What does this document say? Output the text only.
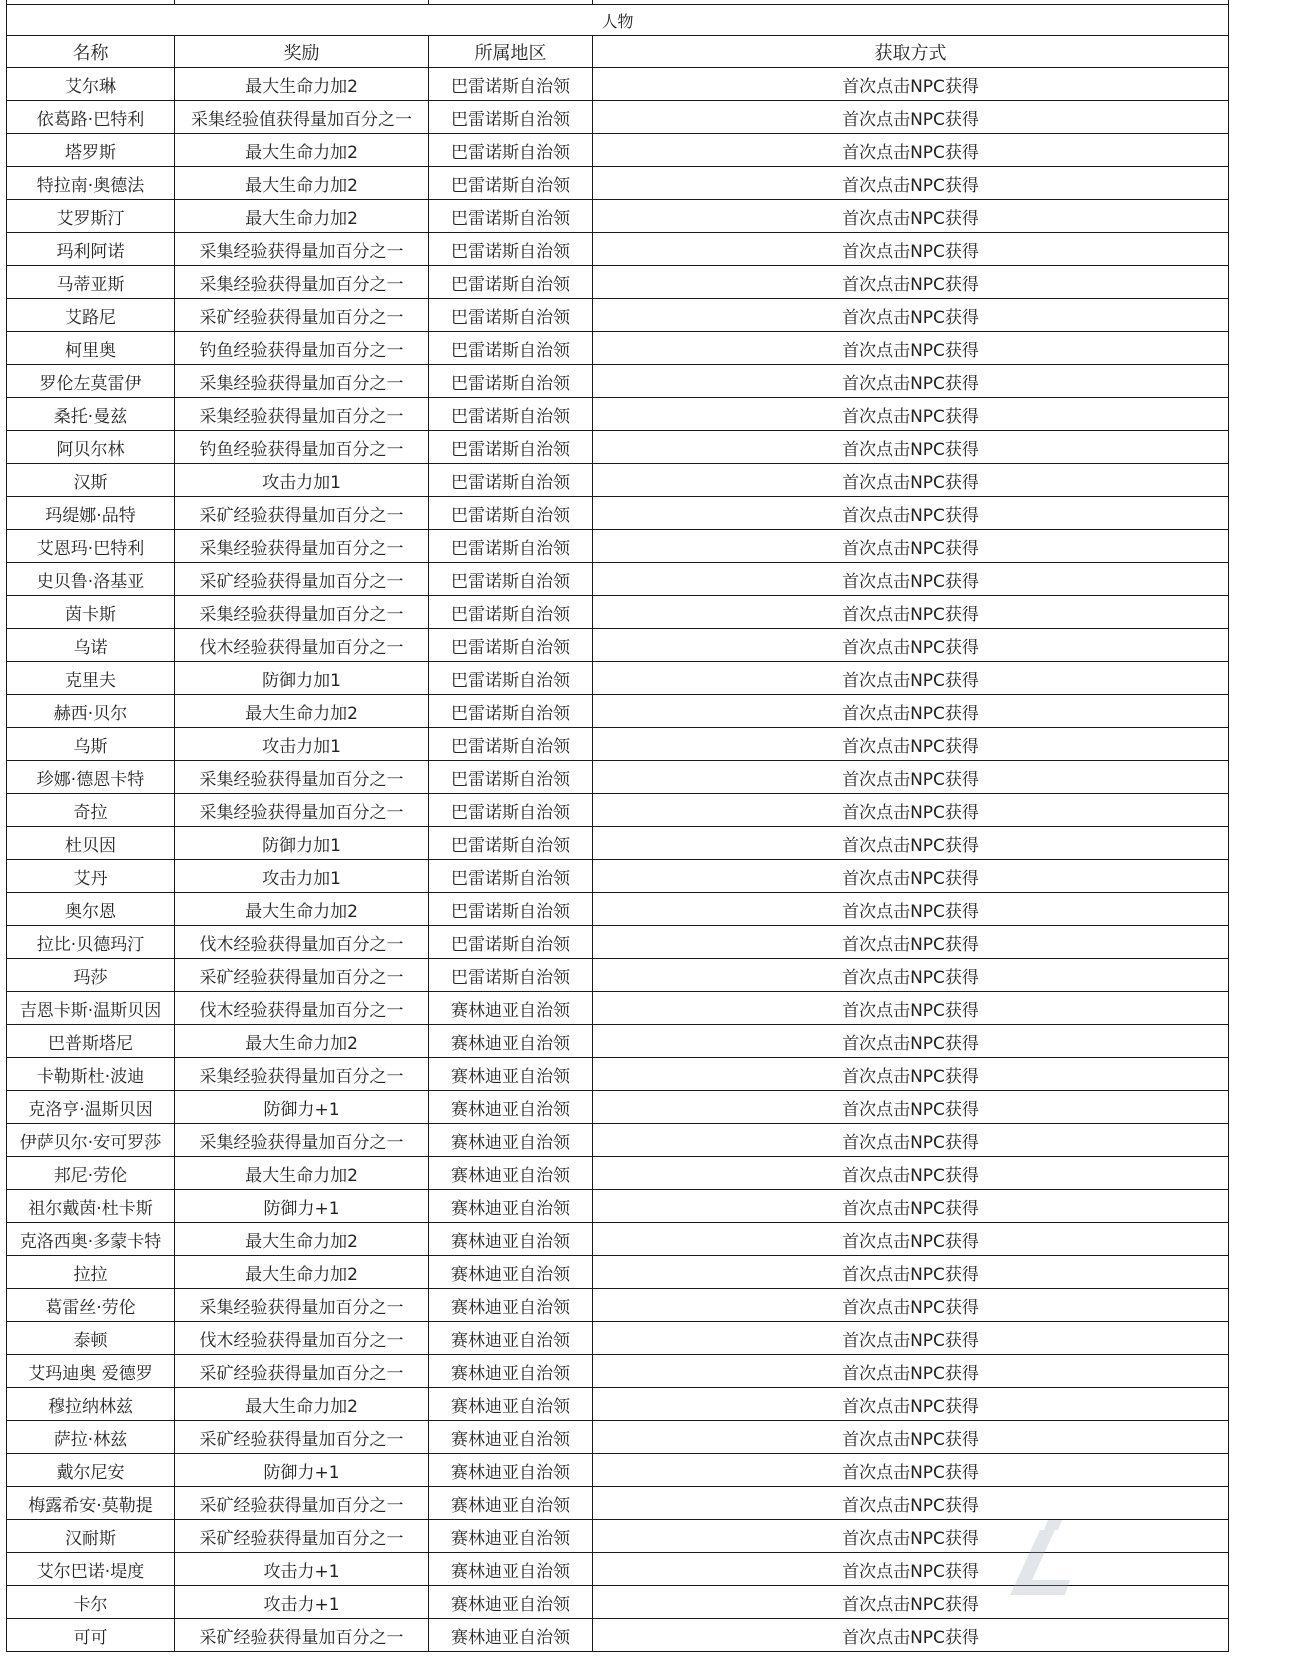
人物			
名称	奖励	所属地区	获取方式
艾尔琳	最大生命力加2	巴雷诺斯自治领	首次点击NPC获得
依葛路·巴特利	采集经验值获得量加百分之一	巴雷诺斯自治领	首次点击NPC获得
塔罗斯	最大生命力加2	巴雷诺斯自治领	首次点击NPC获得
特拉南·奥德法	最大生命力加2	巴雷诺斯自治领	首次点击NPC获得
艾罗斯汀	最大生命力加2	巴雷诺斯自治领	首次点击NPC获得
玛利阿诺	采集经验获得量加百分之一	巴雷诺斯自治领	首次点击NPC获得
马蒂亚斯	采集经验获得量加百分之一	巴雷诺斯自治领	首次点击NPC获得
艾路尼	采矿经验获得量加百分之一	巴雷诺斯自治领	首次点击NPC获得
柯里奥	钓鱼经验获得量加百分之一	巴雷诺斯自治领	首次点击NPC获得
罗伦左莫雷伊	采集经验获得量加百分之一	巴雷诺斯自治领	首次点击NPC获得
桑托·曼兹	采集经验获得量加百分之一	巴雷诺斯自治领	首次点击NPC获得
阿贝尔林	钓鱼经验获得量加百分之一	巴雷诺斯自治领	首次点击NPC获得
汉斯	攻击力加1	巴雷诺斯自治领	首次点击NPC获得
玛缇娜·品特	采矿经验获得量加百分之一	巴雷诺斯自治领	首次点击NPC获得
艾恩玛·巴特利	采集经验获得量加百分之一	巴雷诺斯自治领	首次点击NPC获得
史贝鲁·洛基亚	采矿经验获得量加百分之一	巴雷诺斯自治领	首次点击NPC获得
茵卡斯	采集经验获得量加百分之一	巴雷诺斯自治领	首次点击NPC获得
乌诺	伐木经验获得量加百分之一	巴雷诺斯自治领	首次点击NPC获得
克里夫	防御力加1	巴雷诺斯自治领	首次点击NPC获得
赫西·贝尔	最大生命力加2	巴雷诺斯自治领	首次点击NPC获得
乌斯	攻击力加1	巴雷诺斯自治领	首次点击NPC获得
珍娜·德恩卡特	采集经验获得量加百分之一	巴雷诺斯自治领	首次点击NPC获得
奇拉	采集经验获得量加百分之一	巴雷诺斯自治领	首次点击NPC获得
杜贝因	防御力加1	巴雷诺斯自治领	首次点击NPC获得
艾丹	攻击力加1	巴雷诺斯自治领	首次点击NPC获得
奥尔恩	最大生命力加2	巴雷诺斯自治领	首次点击NPC获得
拉比·贝德玛汀	伐木经验获得量加百分之一	巴雷诺斯自治领	首次点击NPC获得
玛莎	采矿经验获得量加百分之一	巴雷诺斯自治领	首次点击NPC获得
吉恩卡斯·温斯贝因	伐木经验获得量加百分之一	赛林迪亚自治领	首次点击NPC获得
巴普斯塔尼	最大生命力加2	赛林迪亚自治领	首次点击NPC获得
卡勒斯杜·波迪	采集经验获得量加百分之一	赛林迪亚自治领	首次点击NPC获得
克洛亨·温斯贝因	防御力+1	赛林迪亚自治领	首次点击NPC获得
伊萨贝尔·安可罗莎	采集经验获得量加百分之一	赛林迪亚自治领	首次点击NPC获得
邦尼·劳伦	最大生命力加2	赛林迪亚自治领	首次点击NPC获得
祖尔戴茵·杜卡斯	防御力+1	赛林迪亚自治领	首次点击NPC获得
克洛西奥·多蒙卡特	最大生命力加2	赛林迪亚自治领	首次点击NPC获得
拉拉	最大生命力加2	赛林迪亚自治领	首次点击NPC获得
葛雷丝·劳伦	采集经验获得量加百分之一	赛林迪亚自治领	首次点击NPC获得
泰顿	伐木经验获得量加百分之一	赛林迪亚自治领	首次点击NPC获得
艾玛迪奥 爱德罗	采矿经验获得量加百分之一	赛林迪亚自治领	首次点击NPC获得
穆拉纳林兹	最大生命力加2	赛林迪亚自治领	首次点击NPC获得
萨拉·林兹	采矿经验获得量加百分之一	赛林迪亚自治领	首次点击NPC获得
戴尔尼安	防御力+1	赛林迪亚自治领	首次点击NPC获得
梅露希安·莫勒提	采矿经验获得量加百分之一	赛林迪亚自治领	首次点击NPC获得
汉耐斯	采矿经验获得量加百分之一	赛林迪亚自治领	首次点击NPC获得
艾尔巴诺·堤度	攻击力+1	赛林迪亚自治领	首次点击NPC获得
卡尔	攻击力+1	赛林迪亚自治领	首次点击NPC获得
可可	采矿经验获得量加百分之一	赛林迪亚自治领	首次点击NPC获得
